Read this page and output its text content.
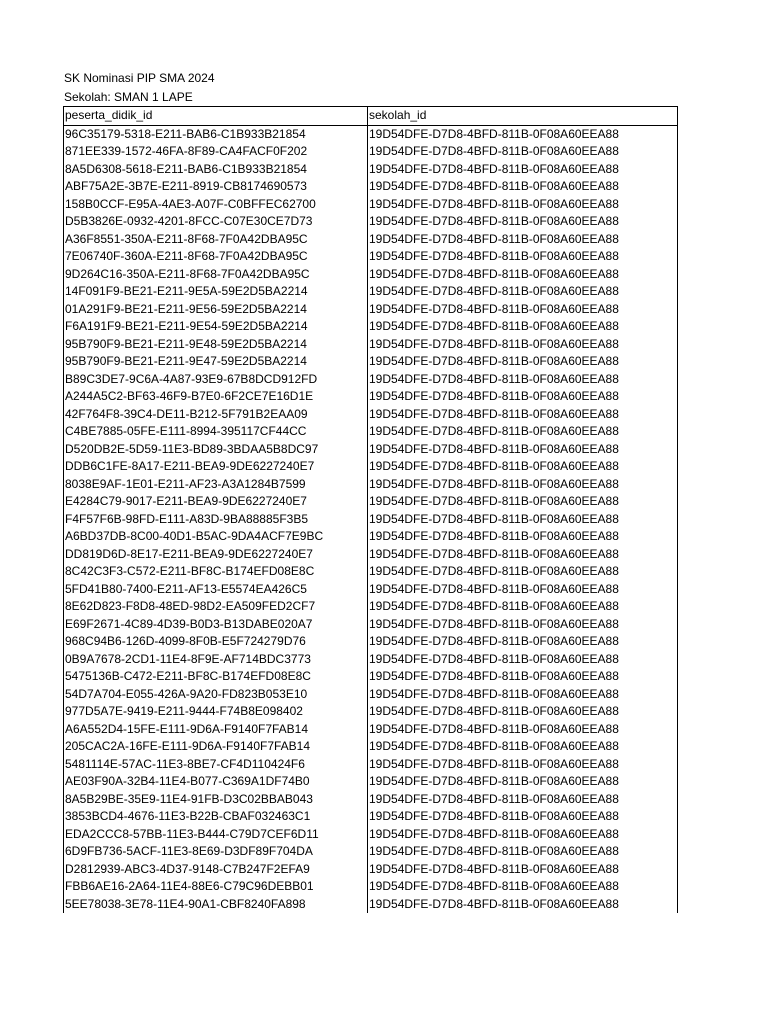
SK Nominasi PIP SMA 2024
Sekolah: SMAN 1 LAPE
peserta_didik_id	sekolah_id
96C35179-5318-E211-BAB6-C1B933B21854	19D54DFE-D7D8-4BFD-811B-0F08A60EEA88
871EE339-1572-46FA-8F89-CA4FACF0F202	19D54DFE-D7D8-4BFD-811B-0F08A60EEA88
8A5D6308-5618-E211-BAB6-C1B933B21854	19D54DFE-D7D8-4BFD-811B-0F08A60EEA88
ABF75A2E-3B7E-E211-8919-CB8174690573	19D54DFE-D7D8-4BFD-811B-0F08A60EEA88
158B0CCF-E95A-4AE3-A07F-C0BFFEC62700	19D54DFE-D7D8-4BFD-811B-0F08A60EEA88
D5B3826E-0932-4201-8FCC-C07E30CE7D73	19D54DFE-D7D8-4BFD-811B-0F08A60EEA88
A36F8551-350A-E211-8F68-7F0A42DBA95C	19D54DFE-D7D8-4BFD-811B-0F08A60EEA88
7E06740F-360A-E211-8F68-7F0A42DBA95C	19D54DFE-D7D8-4BFD-811B-0F08A60EEA88
9D264C16-350A-E211-8F68-7F0A42DBA95C	19D54DFE-D7D8-4BFD-811B-0F08A60EEA88
14F091F9-BE21-E211-9E5A-59E2D5BA2214	19D54DFE-D7D8-4BFD-811B-0F08A60EEA88
01A291F9-BE21-E211-9E56-59E2D5BA2214	19D54DFE-D7D8-4BFD-811B-0F08A60EEA88
F6A191F9-BE21-E211-9E54-59E2D5BA2214	19D54DFE-D7D8-4BFD-811B-0F08A60EEA88
95B790F9-BE21-E211-9E48-59E2D5BA2214	19D54DFE-D7D8-4BFD-811B-0F08A60EEA88
95B790F9-BE21-E211-9E47-59E2D5BA2214	19D54DFE-D7D8-4BFD-811B-0F08A60EEA88
B89C3DE7-9C6A-4A87-93E9-67B8DCD912FD	19D54DFE-D7D8-4BFD-811B-0F08A60EEA88
A244A5C2-BF63-46F9-B7E0-6F2CE7E16D1E	19D54DFE-D7D8-4BFD-811B-0F08A60EEA88
42F764F8-39C4-DE11-B212-5F791B2EAA09	19D54DFE-D7D8-4BFD-811B-0F08A60EEA88
C4BE7885-05FE-E111-8994-395117CF44CC	19D54DFE-D7D8-4BFD-811B-0F08A60EEA88
D520DB2E-5D59-11E3-BD89-3BDAA5B8DC97	19D54DFE-D7D8-4BFD-811B-0F08A60EEA88
DDB6C1FE-8A17-E211-BEA9-9DE6227240E7	19D54DFE-D7D8-4BFD-811B-0F08A60EEA88
8038E9AF-1E01-E211-AF23-A3A1284B7599	19D54DFE-D7D8-4BFD-811B-0F08A60EEA88
E4284C79-9017-E211-BEA9-9DE6227240E7	19D54DFE-D7D8-4BFD-811B-0F08A60EEA88
F4F57F6B-98FD-E111-A83D-9BA88885F3B5	19D54DFE-D7D8-4BFD-811B-0F08A60EEA88
A6BD37DB-8C00-40D1-B5AC-9DA4ACF7E9BC	19D54DFE-D7D8-4BFD-811B-0F08A60EEA88
DD819D6D-8E17-E211-BEA9-9DE6227240E7	19D54DFE-D7D8-4BFD-811B-0F08A60EEA88
8C42C3F3-C572-E211-BF8C-B174EFD08E8C	19D54DFE-D7D8-4BFD-811B-0F08A60EEA88
5FD41B80-7400-E211-AF13-E5574EA426C5	19D54DFE-D7D8-4BFD-811B-0F08A60EEA88
8E62D823-F8D8-48ED-98D2-EA509FED2CF7	19D54DFE-D7D8-4BFD-811B-0F08A60EEA88
E69F2671-4C89-4D39-B0D3-B13DABE020A7	19D54DFE-D7D8-4BFD-811B-0F08A60EEA88
968C94B6-126D-4099-8F0B-E5F724279D76	19D54DFE-D7D8-4BFD-811B-0F08A60EEA88
0B9A7678-2CD1-11E4-8F9E-AF714BDC3773	19D54DFE-D7D8-4BFD-811B-0F08A60EEA88
5475136B-C472-E211-BF8C-B174EFD08E8C	19D54DFE-D7D8-4BFD-811B-0F08A60EEA88
54D7A704-E055-426A-9A20-FD823B053E10	19D54DFE-D7D8-4BFD-811B-0F08A60EEA88
977D5A7E-9419-E211-9444-F74B8E098402	19D54DFE-D7D8-4BFD-811B-0F08A60EEA88
A6A552D4-15FE-E111-9D6A-F9140F7FAB14	19D54DFE-D7D8-4BFD-811B-0F08A60EEA88
205CAC2A-16FE-E111-9D6A-F9140F7FAB14	19D54DFE-D7D8-4BFD-811B-0F08A60EEA88
5481114E-57AC-11E3-8BE7-CF4D110424F6	19D54DFE-D7D8-4BFD-811B-0F08A60EEA88
AE03F90A-32B4-11E4-B077-C369A1DF74B0	19D54DFE-D7D8-4BFD-811B-0F08A60EEA88
8A5B29BE-35E9-11E4-91FB-D3C02BBAB043	19D54DFE-D7D8-4BFD-811B-0F08A60EEA88
3853BCD4-4676-11E3-B22B-CBAF032463C1	19D54DFE-D7D8-4BFD-811B-0F08A60EEA88
EDA2CCC8-57BB-11E3-B444-C79D7CEF6D11	19D54DFE-D7D8-4BFD-811B-0F08A60EEA88
6D9FB736-5ACF-11E3-8E69-D3DF89F704DA	19D54DFE-D7D8-4BFD-811B-0F08A60EEA88
D2812939-ABC3-4D37-9148-C7B247F2EFA9	19D54DFE-D7D8-4BFD-811B-0F08A60EEA88
FBB6AE16-2A64-11E4-88E6-C79C96DEBB01	19D54DFE-D7D8-4BFD-811B-0F08A60EEA88
5EE78038-3E78-11E4-90A1-CBF8240FA898	19D54DFE-D7D8-4BFD-811B-0F08A60EEA88
